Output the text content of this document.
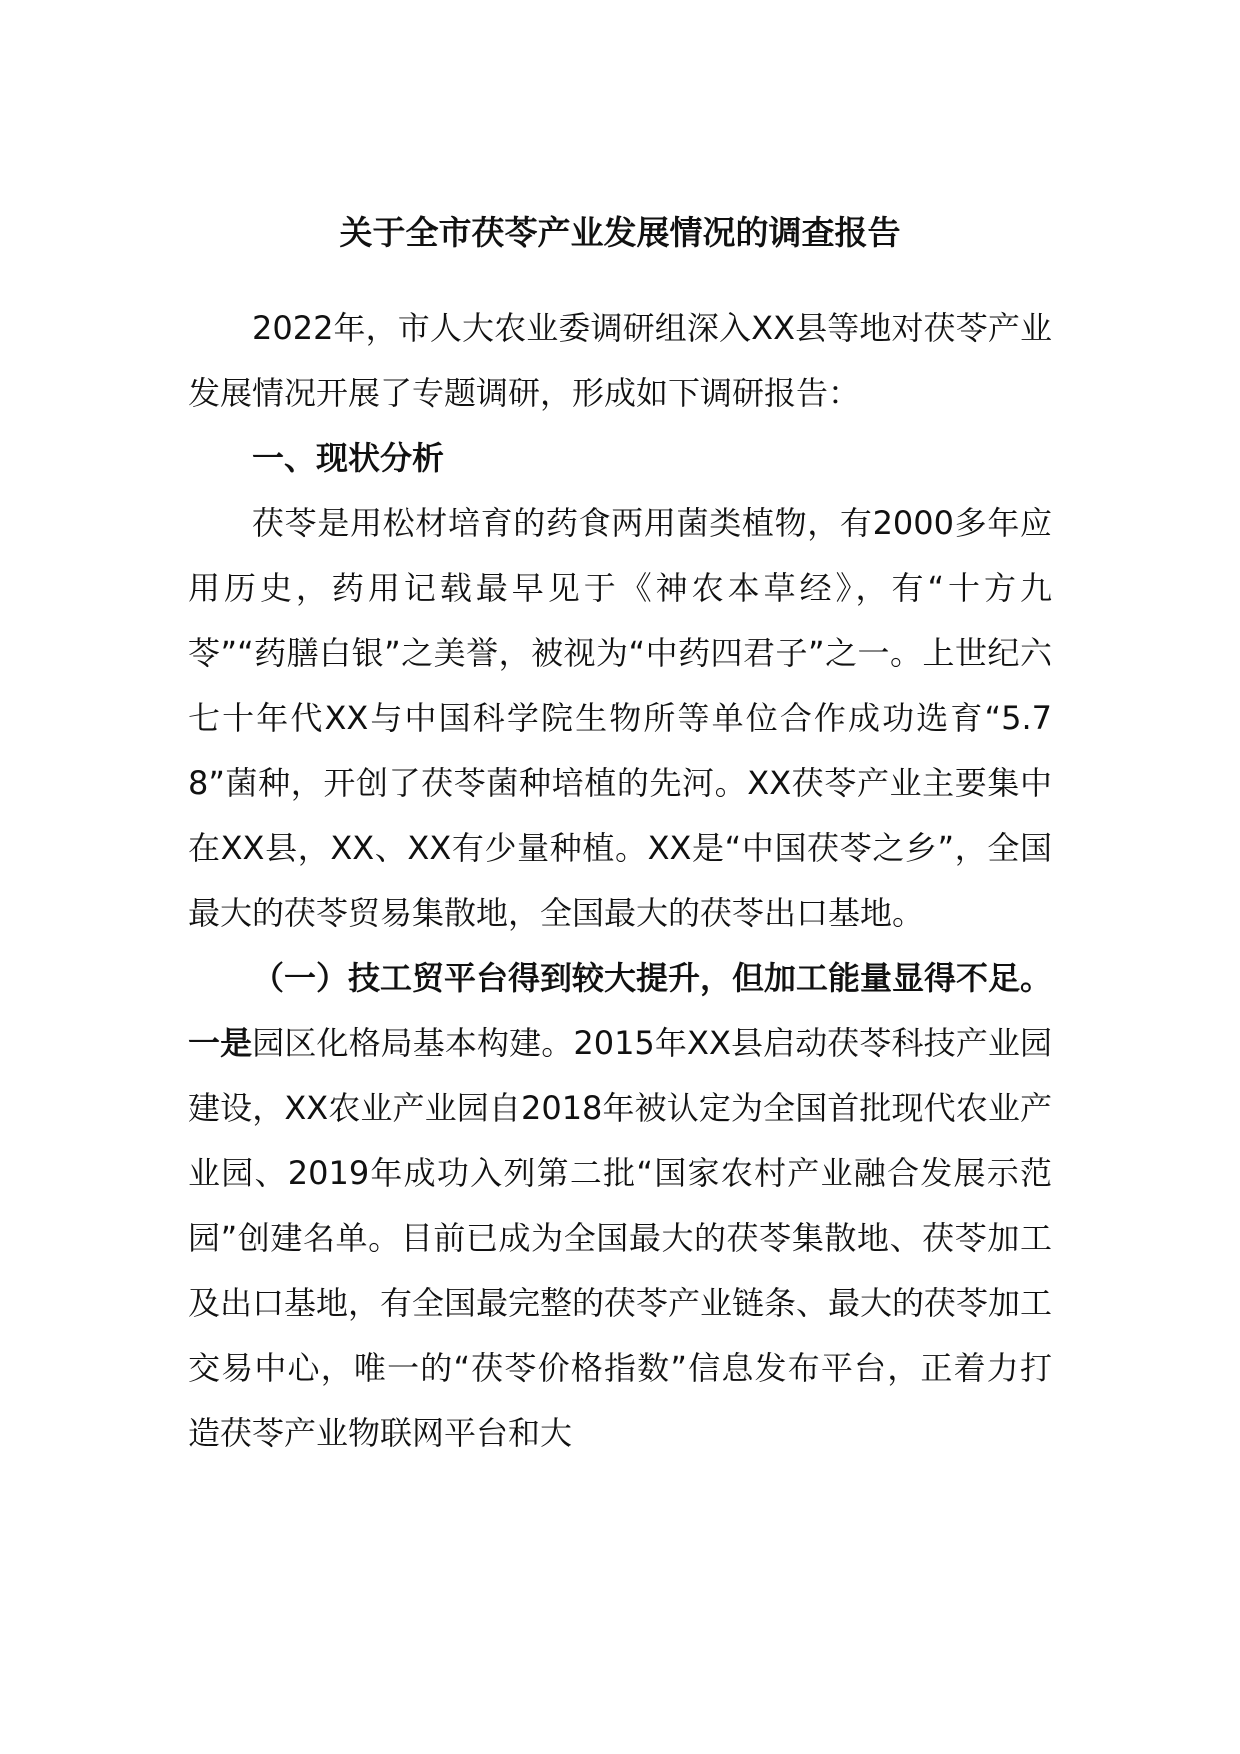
关于全市茯苓产业发展情况的调查报告

2022年，市人大农业委调研组深入XX县等地对茯苓产业发展情况开展了专题调研，形成如下调研报告：

一、现状分析

茯苓是用松材培育的药食两用菌类植物，有2000多年应用历史，药用记载最早见于《神农本草经》，有“十方九苓”“药膳白银”之美誉，被视为“中药四君子”之一。上世纪六七十年代XX与中国科学院生物所等单位合作成功选育“5.78”菌种，开创了茯苓菌种培植的先河。XX茯苓产业主要集中在XX县，XX、XX有少量种植。XX是“中国茯苓之乡”，全国最大的茯苓贸易集散地，全国最大的茯苓出口基地。

（一）技工贸平台得到较大提升，但加工能量显得不足。一是园区化格局基本构建。2015年XX县启动茯苓科技产业园建设，XX农业产业园自2018年被认定为全国首批现代农业产业园、2019年成功入列第二批“国家农村产业融合发展示范园”创建名单。目前已成为全国最大的茯苓集散地、茯苓加工及出口基地，有全国最完整的茯苓产业链条、最大的茯苓加工交易中心，唯一的“茯苓价格指数”信息发布平台，正着力打造茯苓产业物联网平台和大
